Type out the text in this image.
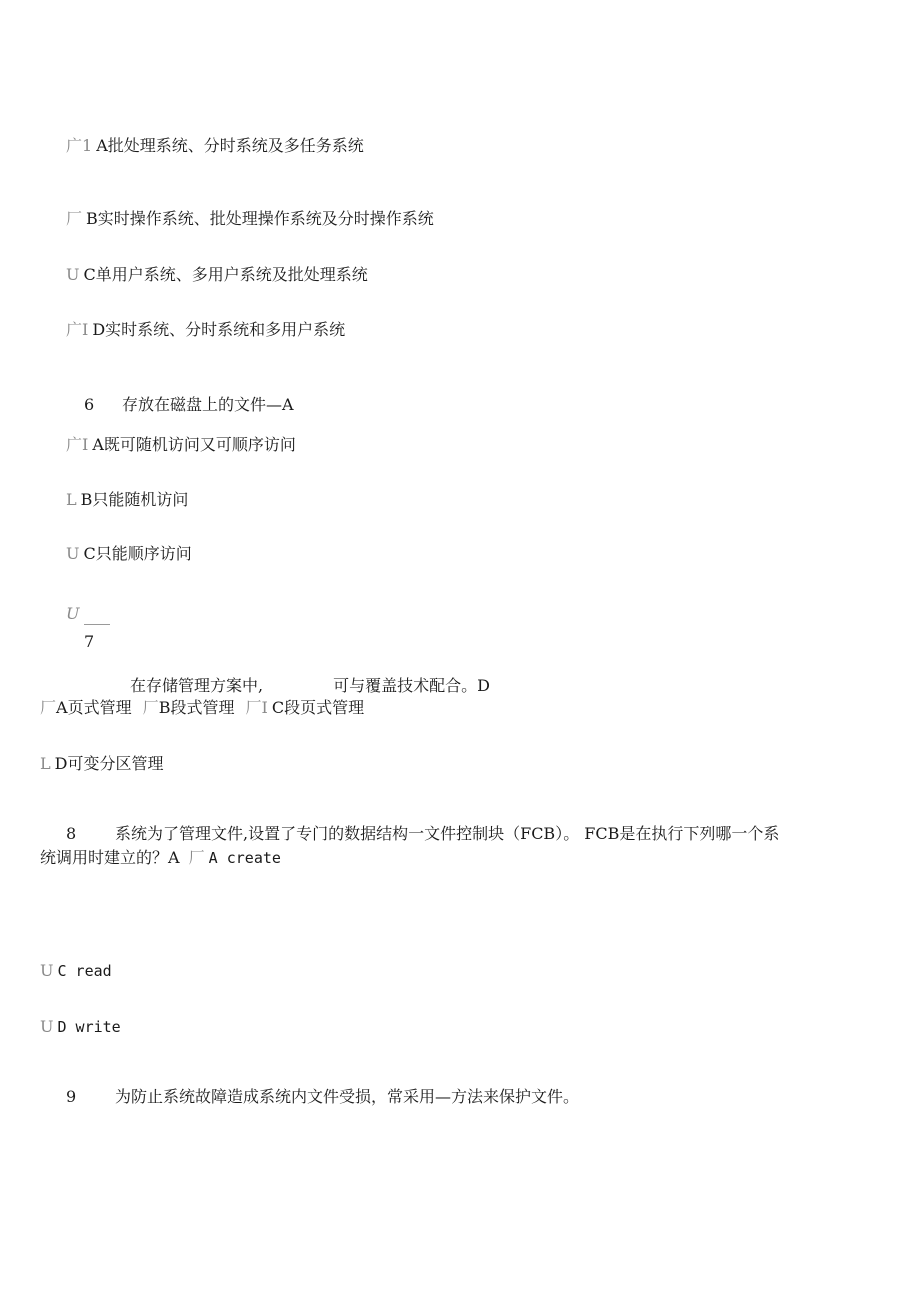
广1 A批处理系统、分时系统及多任务系统
厂 B实时操作系统、批处理操作系统及分时操作系统
U C单用户系统、多用户系统及批处理系统
广I D实时系统、分时系统和多用户系统
6 存放在磁盘上的文件—A
广I A既可随机访问又可顺序访问
L B只能随机访问
U C只能顺序访问
U
7
在存储管理方案中,	可与覆盖技术配合。D
厂A页式管理 厂B段式管理 厂I C段页式管理
L D可变分区管理
8 系统为了管理文件,设置了专门的数据结构一文件控制块（FCB）。 FCB是在执行下列哪一个系
统调用时建立的？A 厂 A create
U C read
U D write
9 为防止系统故障造成系统内文件受损，常采用—方法来保护文件。
